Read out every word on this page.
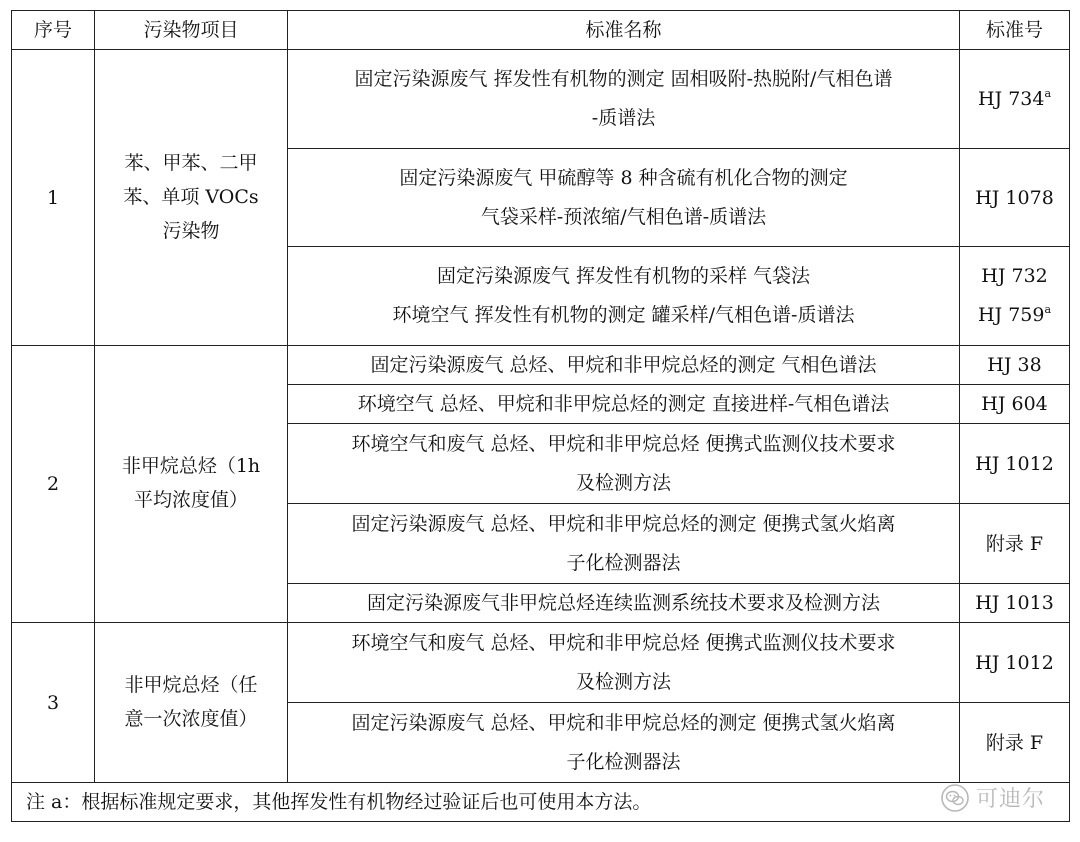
序号	污染物项目	标准名称	标准号
1	苯、甲苯、二甲
苯、单项 VOCs
污染物	固定污染源废气 挥发性有机物的测定 固相吸附-热脱附/气相色谱
-质谱法	HJ 734$^a$
		固定污染源废气 甲硫醇等 8 种含硫有机化合物的测定
气袋采样-预浓缩/气相色谱-质谱法	HJ 1078
		固定污染源废气 挥发性有机物的采样 气袋法
环境空气 挥发性有机物的测定 罐采样/气相色谱-质谱法	HJ 732
HJ 759$^a$
2	非甲烷总烃（1h
平均浓度值）	固定污染源废气 总烃、甲烷和非甲烷总烃的测定 气相色谱法	HJ 38
		环境空气 总烃、甲烷和非甲烷总烃的测定 直接进样-气相色谱法	HJ 604
		环境空气和废气 总烃、甲烷和非甲烷总烃 便携式监测仪技术要求
及检测方法	HJ 1012
		固定污染源废气 总烃、甲烷和非甲烷总烃的测定 便携式氢火焰离
子化检测器法	附录 F
		固定污染源废气非甲烷总烃连续监测系统技术要求及检测方法	HJ 1013
3	非甲烷总烃（任
意一次浓度值）	环境空气和废气 总烃、甲烷和非甲烷总烃 便携式监测仪技术要求
及检测方法	HJ 1012
		固定污染源废气 总烃、甲烷和非甲烷总烃的测定 便携式氢火焰离
子化检测器法	附录 F
注 a：根据标准规定要求，其他挥发性有机物经过验证后也可使用本方法。				可迪尔
